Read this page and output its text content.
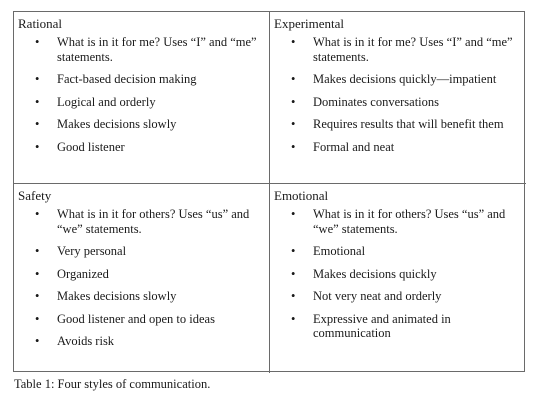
Rational
• What is in it for me? Uses “I” and “me” statements.
• Fact-based decision making
• Logical and orderly
• Makes decisions slowly
• Good listener
Experimental
• What is in it for me? Uses “I” and “me” statements.
• Makes decisions quickly—impatient
• Dominates conversations
• Requires results that will benefit them
• Formal and neat
Safety
• What is in it for others? Uses “us” and “we” statements.
• Very personal
• Organized
• Makes decisions slowly
• Good listener and open to ideas
• Avoids risk
Emotional
• What is in it for others? Uses “us” and “we” statements.
• Emotional
• Makes decisions quickly
• Not very neat and orderly
• Expressive and animated in communication
Table 1: Four styles of communication.
